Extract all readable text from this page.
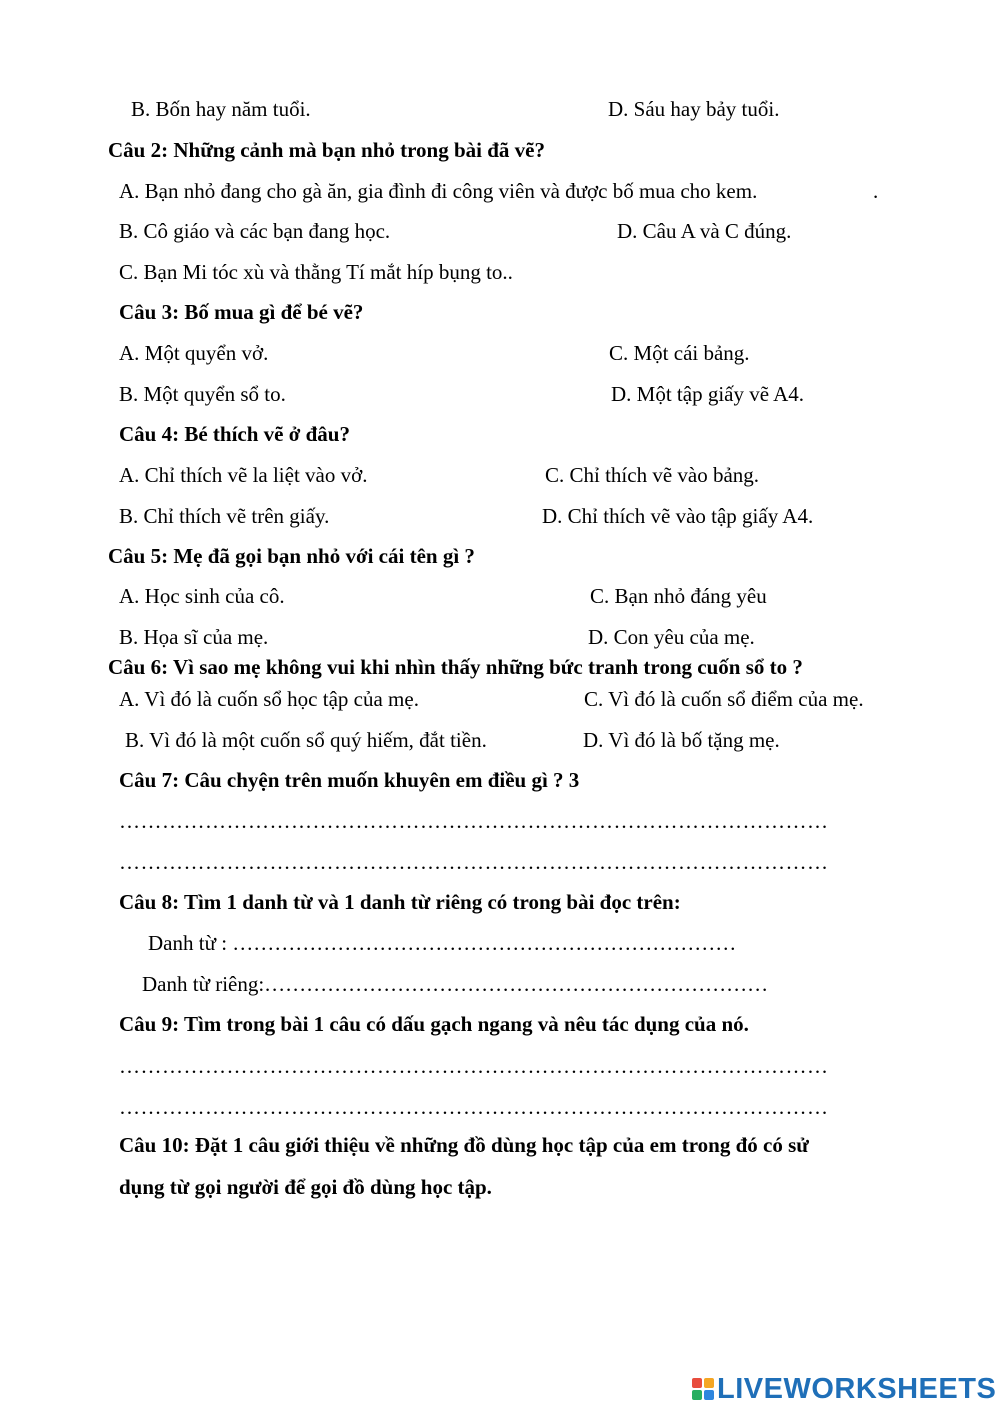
B. Bốn hay năm tuổi.	D. Sáu hay bảy tuổi.
Câu 2: Những cảnh mà bạn nhỏ trong bài đã vẽ?
A. Bạn nhỏ đang cho gà ăn, gia đình đi công viên và được bố mua cho kem.	.
B. Cô giáo và các bạn đang học.	D. Câu A và C đúng.
C. Bạn Mi tóc xù và thằng Tí mắt híp bụng to..
Câu 3: Bố mua gì để bé vẽ?
A. Một quyển vở.	C. Một cái bảng.
B. Một quyển sổ to.	D. Một tập giấy vẽ A4.
Câu 4: Bé thích vẽ ở đâu?
A. Chỉ thích vẽ la liệt vào vở.	C. Chỉ thích vẽ vào bảng.
B. Chỉ thích vẽ trên giấy.	D. Chỉ thích vẽ vào tập giấy A4.
Câu 5: Mẹ đã gọi bạn nhỏ với cái tên gì ?
A. Học sinh của cô.	C. Bạn nhỏ đáng yêu
B. Họa sĩ của mẹ.	D. Con yêu của mẹ.
Câu 6: Vì sao mẹ không vui khi nhìn thấy những bức tranh trong cuốn sổ to ?
A. Vì đó là cuốn sổ học tập của mẹ.	C. Vì đó là cuốn sổ điểm của mẹ.
B. Vì đó là một cuốn sổ quý hiếm, đắt tiền.	D. Vì đó là bố tặng mẹ.
Câu 7: Câu chyện trên muốn khuyên em điều gì ? 3
………………………………………………………………………………………
………………………………………………………………………………………
Câu 8: Tìm 1 danh từ và 1 danh từ riêng có trong bài đọc trên:
Danh từ : ………………………………………………………………
Danh từ riêng:………………………………………………………………
Câu 9: Tìm trong bài 1 câu có dấu gạch ngang và nêu tác dụng của nó.
………………………………………………………………………………………
………………………………………………………………………………………
Câu 10: Đặt 1 câu giới thiệu về những đồ dùng học tập của em trong đó có sử
dụng từ gọi người để gọi đồ dùng học tập.
LIVEWORKSHEETS
